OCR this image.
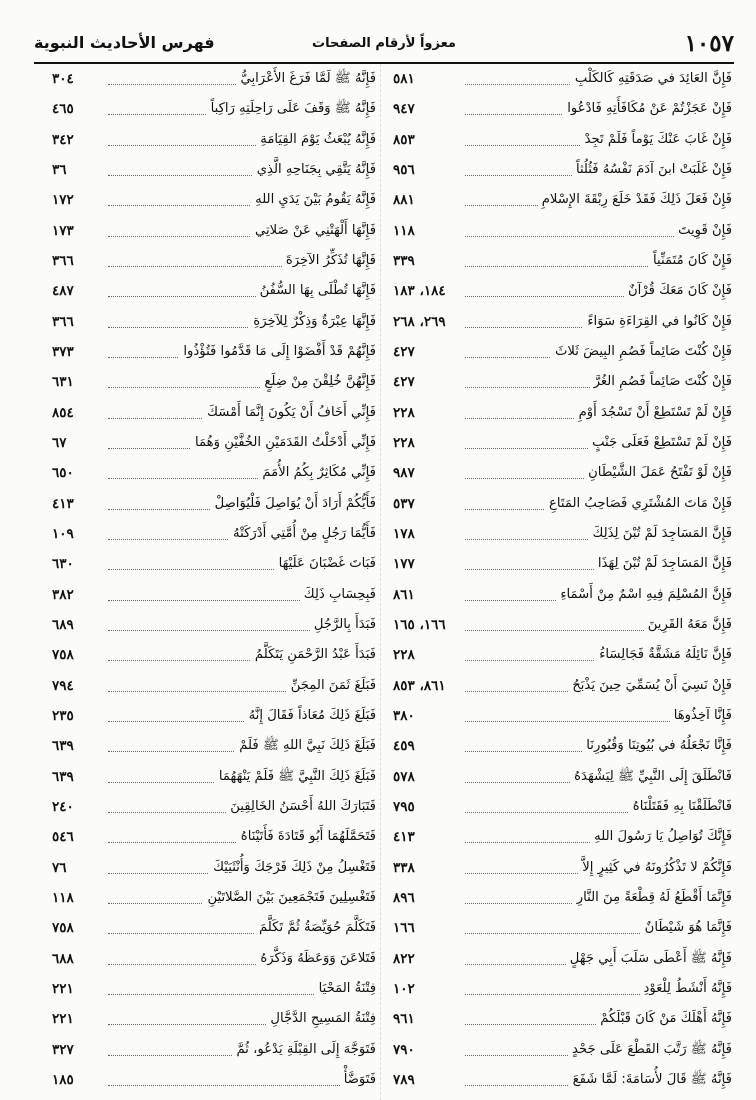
١٠٥٧
معزواً لأرقام الصفحات
فهرس الأحاديث النبوية
فَإِنَّ العَائِدَ في صَدَقَتِهِ كَالكَلْبِ
٥٨١
فَإِنْ عَجَزْتُمْ عَنْ مُكَافَأَتِهِ فَادْعُوا
٩٤٧
فَإِنْ غَابَ عَنْكَ يَوْماً فَلَمْ تَجِدْ
٨٥٣
فَإِنْ غَلَبَتْ ابنَ آدَمَ نَفْسُهُ فَثُلُثاً
٩٥٦
فَإِنْ فَعَلَ ذَلِكَ فَقَدْ خَلَعَ رِبْقَةَ الإِسْلامِ
٨٨١
فَإِنْ قَوِيتَ
١١٨
فَإِنْ كَانَ مُتَمَنِّياً
٣٣٩
فَإِنْ كَانَ مَعَكَ قُرْآنٌ
١٨٤، ١٨٣
فَإِنْ كَانُوا في القِرَاءَةِ سَوَاءً
٢٦٩، ٢٦٨
فَإِنْ كُنْتَ صَائِماً فَصُمِ البِيضَ ثَلاثَ
٤٢٧
فَإِنْ كُنْتَ صَائِماً فَصُمِ الغُرَّ
٤٢٧
فَإِنْ لَمْ تَسْتَطِعْ أَنْ تَسْجُدَ أَوْمِ
٢٢٨
فَإِنْ لَمْ تَسْتَطِعْ فَعَلَى جَنْبٍ
٢٢٨
فَإِنْ لَوْ تَفْتَحُ عَمَلَ الشَّيْطَانِ
٩٨٧
فَإِنْ مَاتَ المُشْتَرِي فَصَاحِبُ المَتَاعِ
٥٣٧
فَإِنَّ المَسَاجِدَ لَمْ تُبْنَ لِذَلِكَ
١٧٨
فَإِنَّ المَسَاجِدَ لَمْ تُبْنَ لِهَذَا
١٧٧
فَإِنَّ المُسْلِمَ فِيهِ اسْمٌ مِنْ أَسْمَاءِ
٨٦١
فَإِنَّ مَعَهُ القَرِينَ
١٦٦، ١٦٥
فَإِنَّ نَائِلَهُ مَشَقَّةٌ فَجَالِسَاءُ
٢٢٨
فَإِنْ نَسِيَ أَنْ يُسَمِّيَ حِينَ يَذْبَحُ
٨٦١، ٨٥٣
فَإِنَّا آخِذُوهَا
٣٨٠
فَإِنَّا نَجْعَلُهُ في بُيُوتِنَا وَقُبُورِنَا
٤٥٩
فَانْطَلَقَ إِلَى النَّبِيِّ ﷺ لِيَشْهَدَهُ
٥٧٨
فَانْطَلَقْنَا بِهِ فَقَتَلْنَاهُ
٧٩٥
فَإِنَّكَ تُوَاصِلُ يَا رَسُولَ اللهِ
٤١٣
فَإِنَّكُمْ لا تَذْكُرُونَهُ في كَثِيرٍ إِلاَّ
٣٣٨
فَإِنَّمَا أَقْطَعُ لَهُ قِطْعَةً مِنَ النَّارِ
٨٩٦
فَإِنَّمَا هُوَ شَيْطَانٌ
١٦٦
فَإِنَّهُ ﷺ أَعْطَى سَلَبَ أَبِي جَهْلٍ
٨٢٢
فَإِنَّهُ أَنْشَطُ لِلْعَوْدِ
١٠٢
فَإِنَّهُ أَهْلَكَ مَنْ كَانَ قَبْلَكُمْ
٩٦١
فَإِنَّهُ ﷺ رَتَّبَ القَطْعَ عَلَى جَحْدٍ
٧٩٠
فَإِنَّهُ ﷺ قَالَ لأُسَامَةَ: لَمَّا شَفَعَ
٧٨٩
فَإِنَّهُ ﷺ لَمَّا فَرَغَ الأَعْرَابِيُّ
٣٠٤
فَإِنَّهُ ﷺ وَقَفَ عَلَى رَاحِلَتِهِ رَاكِباً
٤٦٥
فَإِنَّهُ يُبْعَثُ يَوْمَ القِيَامَةِ
٣٤٢
فَإِنَّهُ يَتَّقِي بِجَنَاحِهِ الَّذِي
٣٦
فَإِنَّهُ يَقُومُ بَيْنَ يَدَيِ اللهِ
١٧٢
فَإِنَّهَا أَلْهَتْنِي عَنْ صَلاتِي
١٧٣
فَإِنَّهَا تُذَكِّرُ الآخِرَةَ
٣٦٦
فَإِنَّهَا تُطْلَى بِهَا السُّفُنُ
٤٨٧
فَإِنَّهَا عِبْرَةٌ وَذِكْرٌ لِلآخِرَةِ
٣٦٦
فَإِنَّهُمْ قَدْ أَفْضَوْا إِلَى مَا قَدَّمُوا فَتُؤْذُوا
٣٧٣
فَإِنَّهُنَّ خُلِقْنَ مِنْ ضِلَعٍ
٦٣١
فَإِنِّي أَخَافُ أَنْ يَكُونَ إِنَّمَا أَمْسَكَ
٨٥٤
فَإِنِّي أَدْخَلْتُ القَدَمَيْنِ الخُفَّيْنِ وَهُمَا
٦٧
فَإِنِّي مُكَاثِرٌ بِكُمُ الأُمَمَ
٦٥٠
فَأَيُّكُمْ أَرَادَ أَنْ يُوَاصِلَ فَلْيُوَاصِلْ
٤١٣
فَأَيُّمَا رَجُلٍ مِنْ أُمَّتِي أَدْرَكَتْهُ
١٠٩
فَبَاتَ غَضْبَانَ عَلَيْهَا
٦٣٠
فَبِحِسَابِ ذَلِكَ
٣٨٢
فَبَدَأَ بِالرَّجُلِ
٦٨٩
فَبَدَأَ عَبْدُ الرَّحْمَنِ يَتَكَلَّمُ
٧٥٨
فَبَلَغَ ثَمَنَ المِجَنِّ
٧٩٤
فَبَلَغَ ذَلِكَ مُعَاذاً فَقَالَ إِنَّهُ
٢٣٥
فَبَلَغَ ذَلِكَ نَبِيَّ اللهِ ﷺ فَلَمْ
٦٣٩
فَبَلَغَ ذَلِكَ النَّبِيَّ ﷺ فَلَمْ يَنْهَهُمَا
٦٣٩
فَتَبَارَكَ اللهُ أَحْسَنُ الخَالِقِينَ
٢٤٠
فَتَحَمَّلَهُمَا أَبُو قَتَادَةَ فَأَتَيْنَاهُ
٥٤٦
فَتَغْسِلُ مِنْ ذَلِكَ فَرْجَكَ وَأُنْثَيَيْكَ
٧٦
فَتَغْسِلِينَ فَتَجْمَعِينَ بَيْنَ الصَّلاتَيْنِ
١١٨
فَتَكَلَّمَ حُوَيِّصَةُ ثُمَّ تَكَلَّمَ
٧٥٨
فَتَلاعَنَ وَوَعَظَهُ وَذَكَّرَهُ
٦٨٨
فِتْنَةُ المَحْيَا
٢٢١
فِتْنَةُ المَسِيحِ الدَّجَّالِ
٢٢١
فَتَوَجَّهَ إِلَى القِبْلَةِ يَدْعُو، ثُمَّ
٣٢٧
فَتَوَضَّأْ
١٨٥
